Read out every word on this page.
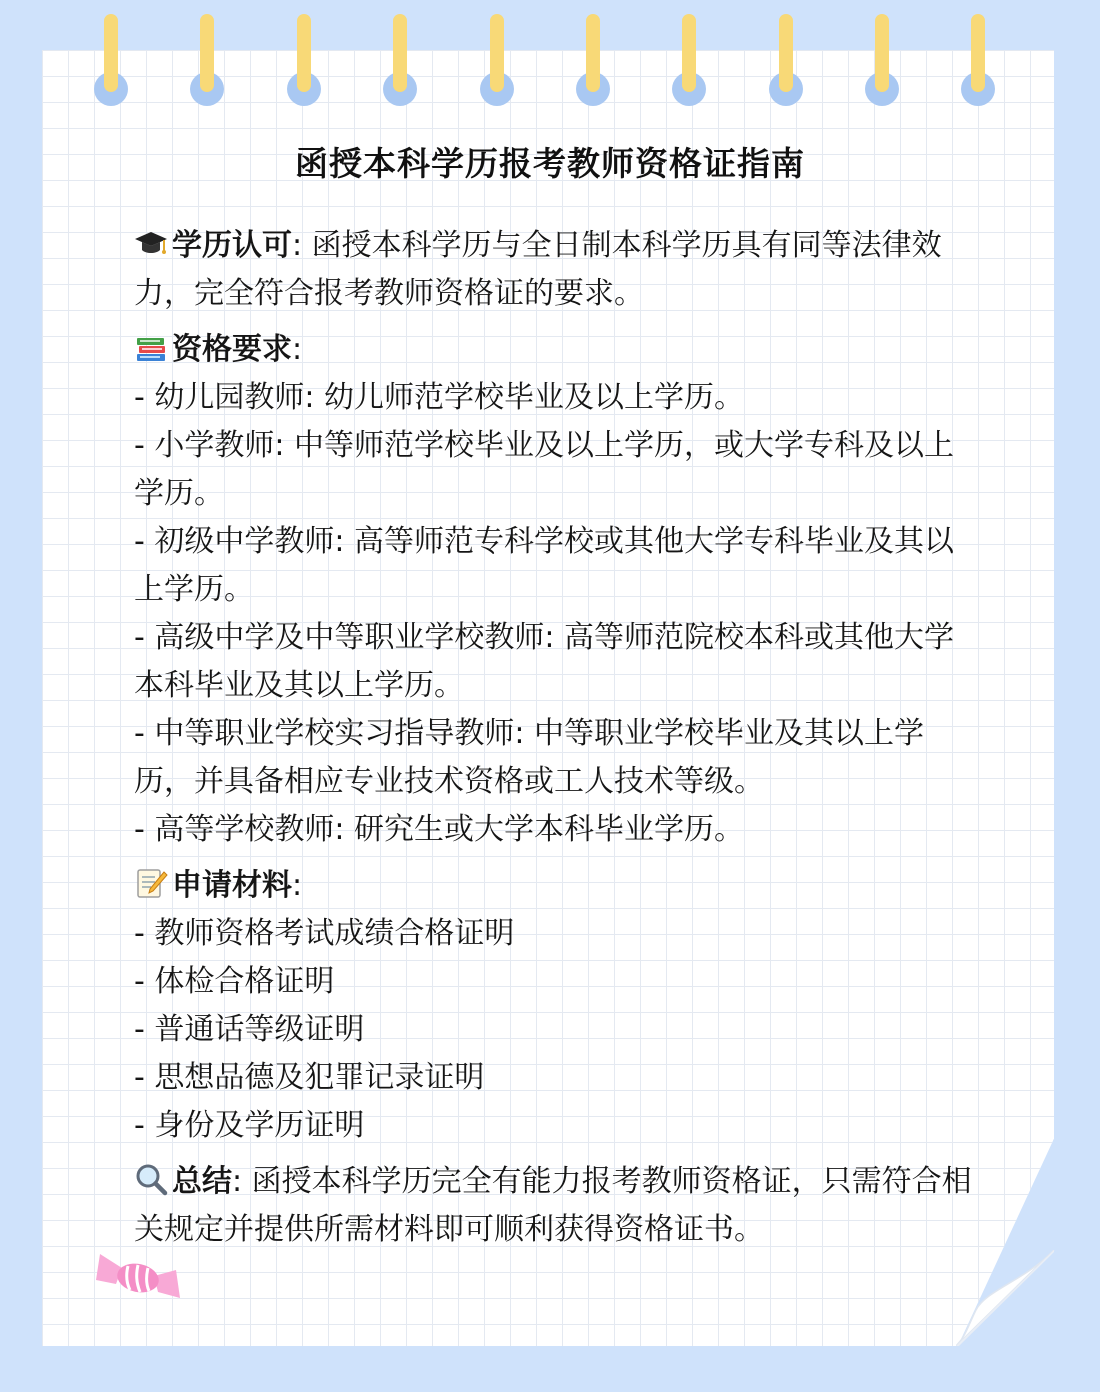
函授本科学历报考教师资格证指南

学历认可: 函授本科学历与全日制本科学历具有同等法律效力，完全符合报考教师资格证的要求。

资格要求:

- 幼儿园教师: 幼儿师范学校毕业及以上学历。

- 小学教师: 中等师范学校毕业及以上学历，或大学专科及以上学历。

- 初级中学教师: 高等师范专科学校或其他大学专科毕业及其以上学历。

- 高级中学及中等职业学校教师: 高等师范院校本科或其他大学本科毕业及其以上学历。

- 中等职业学校实习指导教师: 中等职业学校毕业及其以上学历，并具备相应专业技术资格或工人技术等级。

- 高等学校教师: 研究生或大学本科毕业学历。

申请材料:

- 教师资格考试成绩合格证明

- 体检合格证明

- 普通话等级证明

- 思想品德及犯罪记录证明

- 身份及学历证明

总结: 函授本科学历完全有能力报考教师资格证，只需符合相关规定并提供所需材料即可顺利获得资格证书。
